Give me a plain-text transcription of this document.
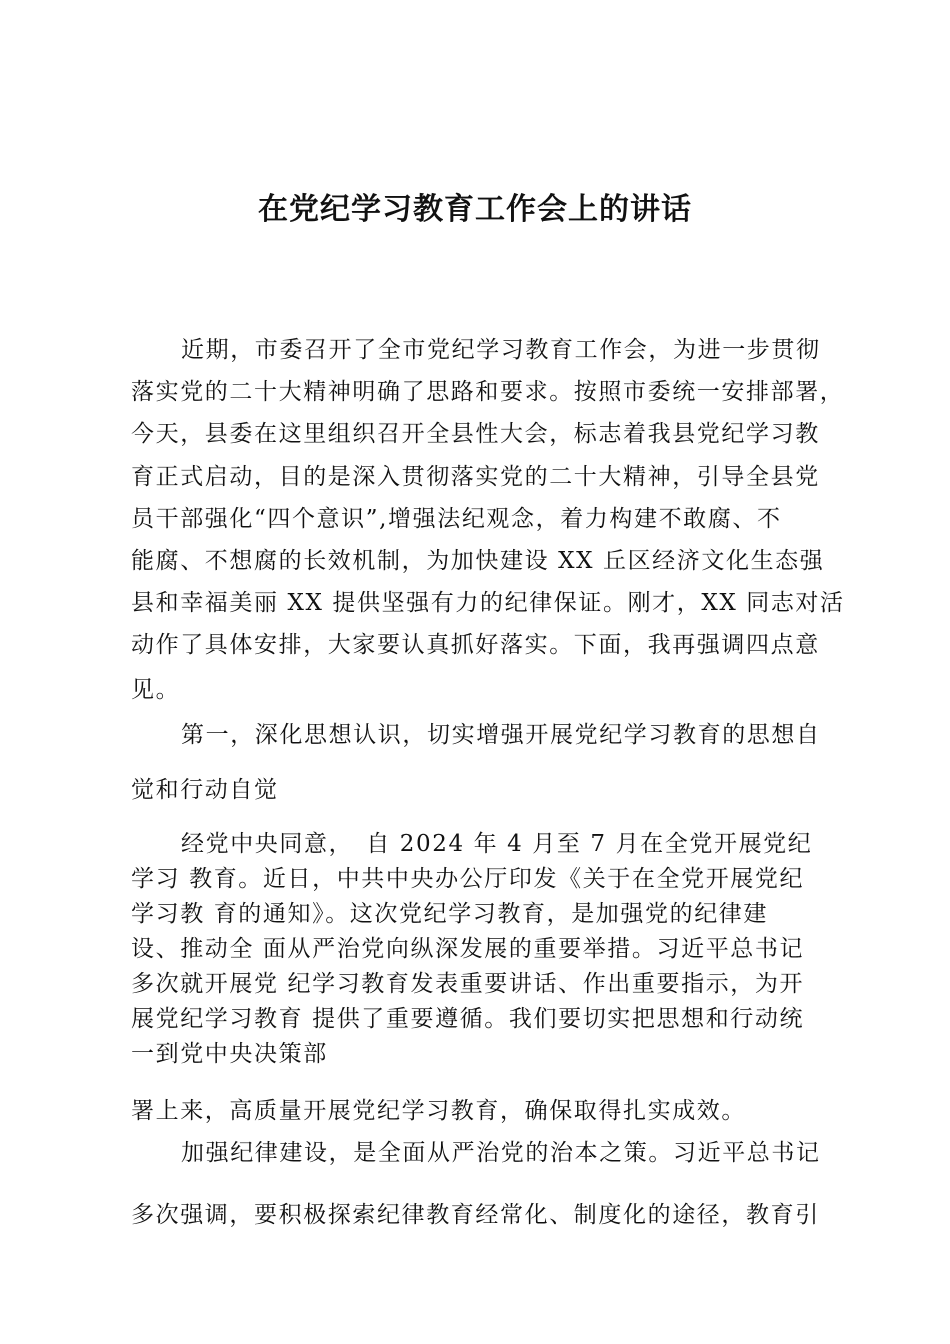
在党纪学习教育工作会上的讲话
近期，市委召开了全市党纪学习教育工作会，为进一步贯彻
落实党的二十大精神明确了思路和要求。按照市委统一安排部署，
今天，县委在这里组织召开全县性大会，标志着我县党纪学习教
育正式启动，目的是深入贯彻落实党的二十大精神，引导全县党
员干部强化“四个意识”,增强法纪观念，着力构建不敢腐、不
能腐、不想腐的长效机制，为加快建设 XX 丘区经济文化生态强
县和幸福美丽 XX 提供坚强有力的纪律保证。刚才，XX 同志对活
动作了具体安排，大家要认真抓好落实。下面，我再强调四点意
见。
第一，深化思想认识，切实增强开展党纪学习教育的思想自
觉和行动自觉
经党中央同意，　自 2024 年 4 月至 7 月在全党开展党纪
学习 教育。近日，中共中央办公厅印发《关于在全党开展党纪
学习教 育的通知》。这次党纪学习教育，是加强党的纪律建
设、推动全 面从严治党向纵深发展的重要举措。习近平总书记
多次就开展党 纪学习教育发表重要讲话、作出重要指示，为开
展党纪学习教育 提供了重要遵循。我们要切实把思想和行动统
一到党中央决策部
署上来，高质量开展党纪学习教育，确保取得扎实成效。
加强纪律建设，是全面从严治党的治本之策。习近平总书记
多次强调，要积极探索纪律教育经常化、制度化的途径，教育引
